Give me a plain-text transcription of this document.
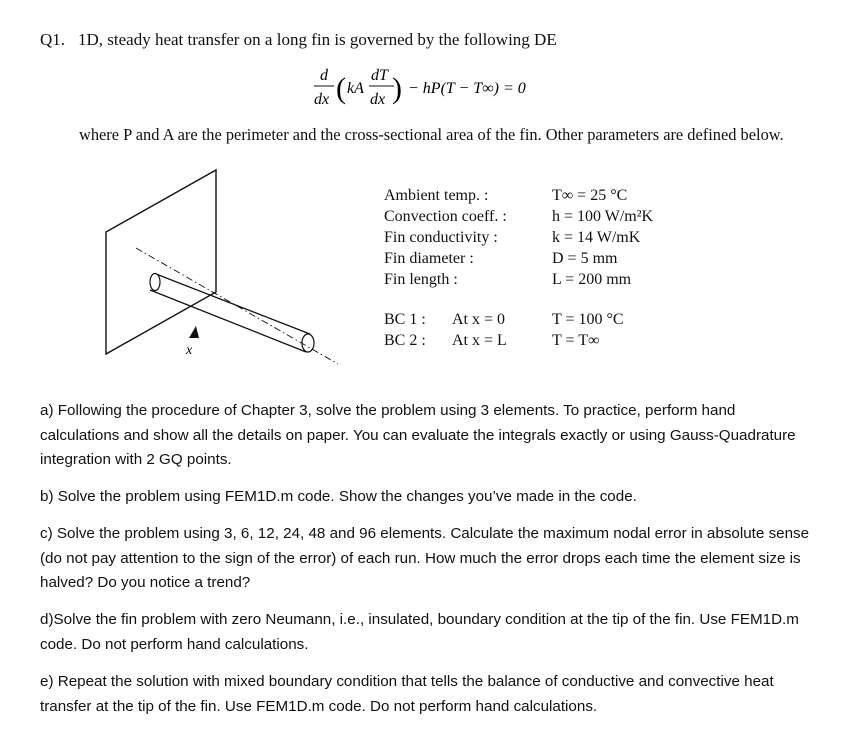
Q1. 1D, steady heat transfer on a long fin is governed by the following DE
d
dx ( kA
dT
dx ) − hP(T − T∞) = 0
where P and A are the perimeter and the cross-sectional area of the fin. Other parameters are defined below.
x
Ambient temp. :
Convection coeff. :
Fin conductivity :
Fin diameter :
Fin length :
T∞ = 25 °C
h = 100 W/m²K
k = 14 W/mK
D = 5 mm
L = 200 mm
BC 1 :
BC 2 :
At x = 0
At x = L
T = 100 °C
T = T∞
a) Following the procedure of Chapter 3, solve the problem using 3 elements. To practice, perform hand calculations and show all the details on paper. You can evaluate the integrals exactly or using Gauss-Quadrature integration with 2 GQ points.
b) Solve the problem using FEM1D.m code. Show the changes you’ve made in the code.
c) Solve the problem using 3, 6, 12, 24, 48 and 96 elements. Calculate the maximum nodal error in absolute sense (do not pay attention to the sign of the error) of each run. How much the error drops each time the element size is halved? Do you notice a trend?
d)Solve the fin problem with zero Neumann, i.e., insulated, boundary condition at the tip of the fin. Use FEM1D.m code. Do not perform hand calculations.
e) Repeat the solution with mixed boundary condition that tells the balance of conductive and convective heat transfer at the tip of the fin. Use FEM1D.m code. Do not perform hand calculations.
